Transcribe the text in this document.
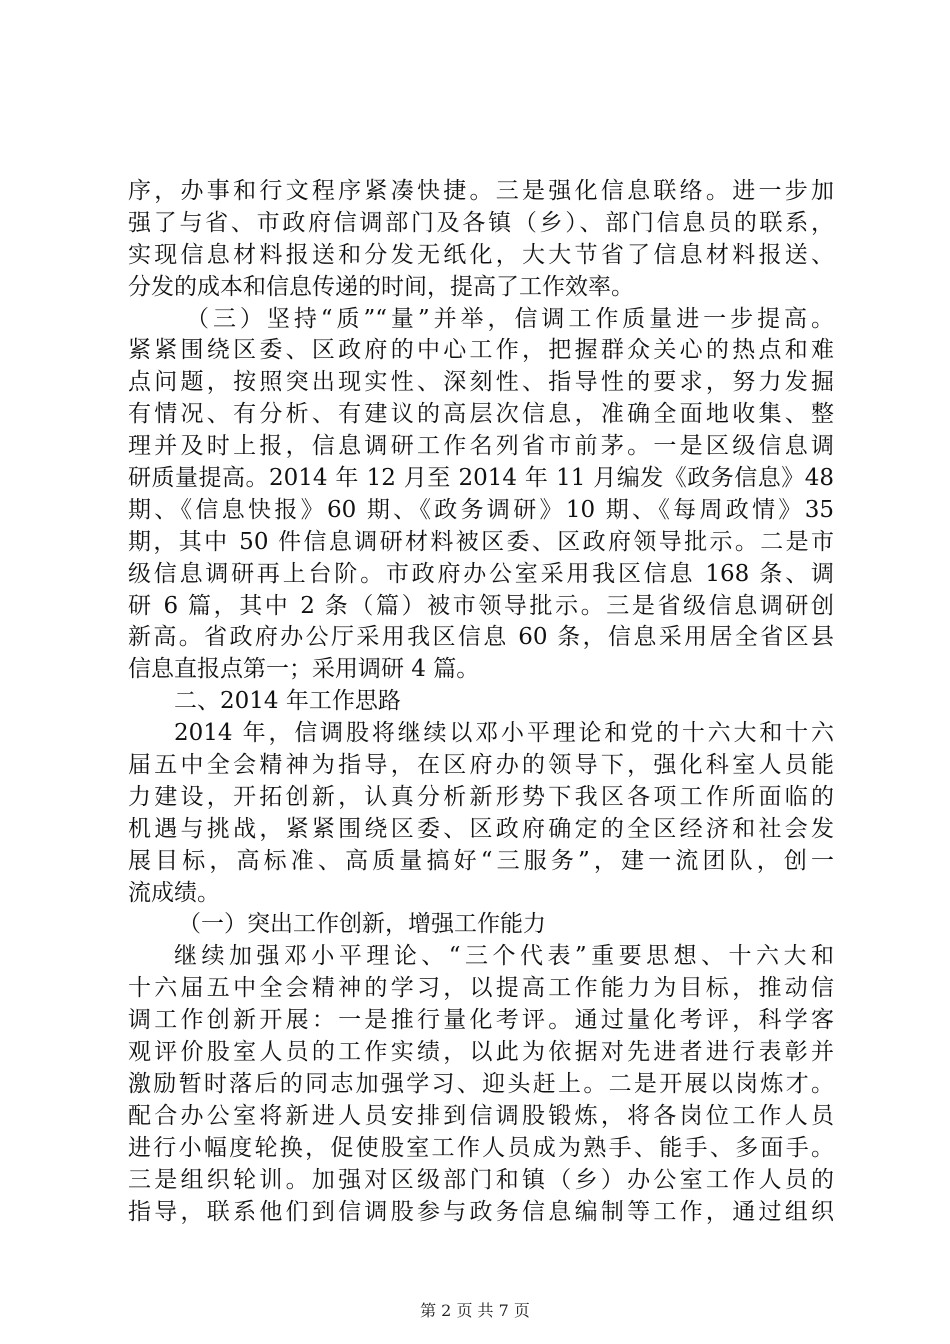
序，办事和行文程序紧凑快捷。三是强化信息联络。进一步加
强了与省、市政府信调部门及各镇（乡）、部门信息员的联系，
实现信息材料报送和分发无纸化，大大节省了信息材料报送、
分发的成本和信息传递的时间，提高了工作效率。
（三）坚持“质”“量”并举，信调工作质量进一步提高。
紧紧围绕区委、区政府的中心工作，把握群众关心的热点和难
点问题，按照突出现实性、深刻性、指导性的要求，努力发掘
有情况、有分析、有建议的高层次信息，准确全面地收集、整
理并及时上报，信息调研工作名列省市前茅。一是区级信息调
研质量提高。2014 年 12 月至 2014 年 11 月编发《政务信息》48
期、《信息快报》60 期、《政务调研》10 期、《每周政情》35
期，其中 50 件信息调研材料被区委、区政府领导批示。二是市
级信息调研再上台阶。市政府办公室采用我区信息 168 条、调
研 6 篇，其中 2 条（篇）被市领导批示。三是省级信息调研创
新高。省政府办公厅采用我区信息 60 条，信息采用居全省区县
信息直报点第一；采用调研 4 篇。
二、2014 年工作思路
2014 年，信调股将继续以邓小平理论和党的十六大和十六
届五中全会精神为指导，在区府办的领导下，强化科室人员能
力建设，开拓创新，认真分析新形势下我区各项工作所面临的
机遇与挑战，紧紧围绕区委、区政府确定的全区经济和社会发
展目标，高标准、高质量搞好“三服务”，建一流团队，创一
流成绩。
（一）突出工作创新，增强工作能力
继续加强邓小平理论、“三个代表”重要思想、十六大和
十六届五中全会精神的学习，以提高工作能力为目标，推动信
调工作创新开展：一是推行量化考评。通过量化考评，科学客
观评价股室人员的工作实绩，以此为依据对先进者进行表彰并
激励暂时落后的同志加强学习、迎头赶上。二是开展以岗炼才。
配合办公室将新进人员安排到信调股锻炼，将各岗位工作人员
进行小幅度轮换，促使股室工作人员成为熟手、能手、多面手。
三是组织轮训。加强对区级部门和镇（乡）办公室工作人员的
指导，联系他们到信调股参与政务信息编制等工作，通过组织
第 2 页 共 7 页
